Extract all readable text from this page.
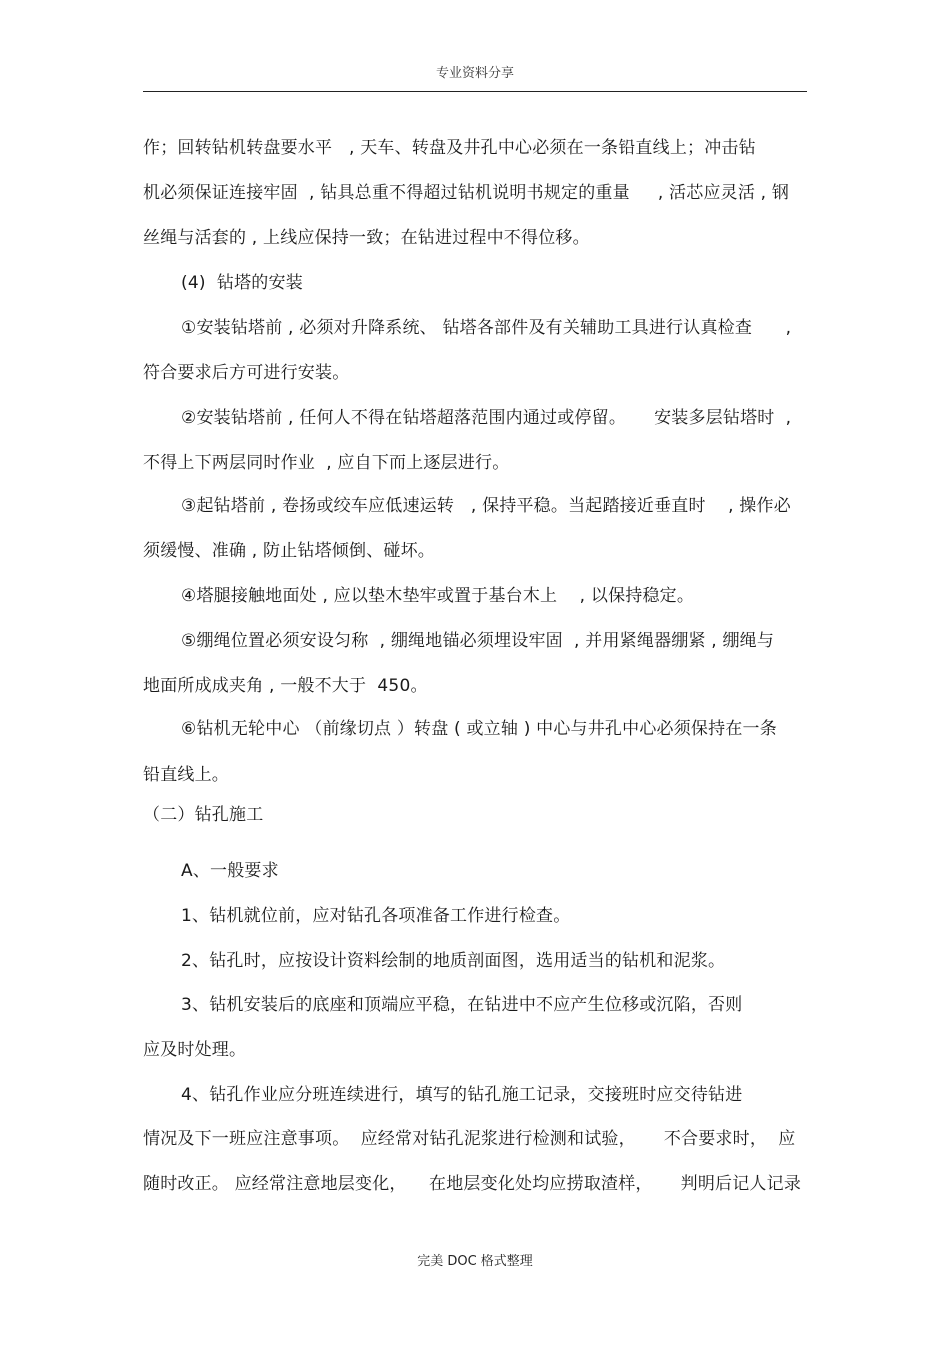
专业资料分享
作；回转钻机转盘要水平   , 天车、转盘及井孔中心必须在一条铅直线上；冲击钻
机必须保证连接牢固  , 钻具总重不得超过钻机说明书规定的重量     , 活芯应灵活 , 钢
丝绳与活套的 , 上线应保持一致；在钻进过程中不得位移。
(4)  钻塔的安装
①安装钻塔前 , 必须对升降系统、 钻塔各部件及有关辅助工具进行认真检查      ,
符合要求后方可进行安装。
②安装钻塔前 , 任何人不得在钻塔超落范围内通过或停留。     安装多层钻塔时  ,
不得上下两层同时作业  , 应自下而上逐层进行。
③起钻塔前 , 卷扬或绞车应低速运转   , 保持平稳。当起踏接近垂直时    , 操作必
须缓慢、准确 , 防止钻塔倾倒、碰坏。
④塔腿接触地面处 , 应以垫木垫牢或置于基台木上    , 以保持稳定。
⑤绷绳位置必须安设匀称  , 绷绳地锚必须埋设牢固  , 并用紧绳器绷紧 , 绷绳与
地面所成成夹角 , 一般不大于  450。
⑥钻机无轮中心 （前缘切点 ）转盘 ( 或立轴 ) 中心与井孔中心必须保持在一条
铅直线上。
（二）钻孔施工
A、一般要求
1、钻机就位前，应对钻孔各项准备工作进行检查。
2、钻孔时，应按设计资料绘制的地质剖面图，选用适当的钻机和泥浆。
3、钻机安装后的底座和顶端应平稳，在钻进中不应产生位移或沉陷，否则
应及时处理。
4、钻孔作业应分班连续进行，填写的钻孔施工记录，交接班时应交待钻进
情况及下一班应注意事项。  应经常对钻孔泥浆进行检测和试验，     不合要求时，  应
随时改正。 应经常注意地层变化，    在地层变化处均应捞取渣样，     判明后记人记录
完美 DOC 格式整理
